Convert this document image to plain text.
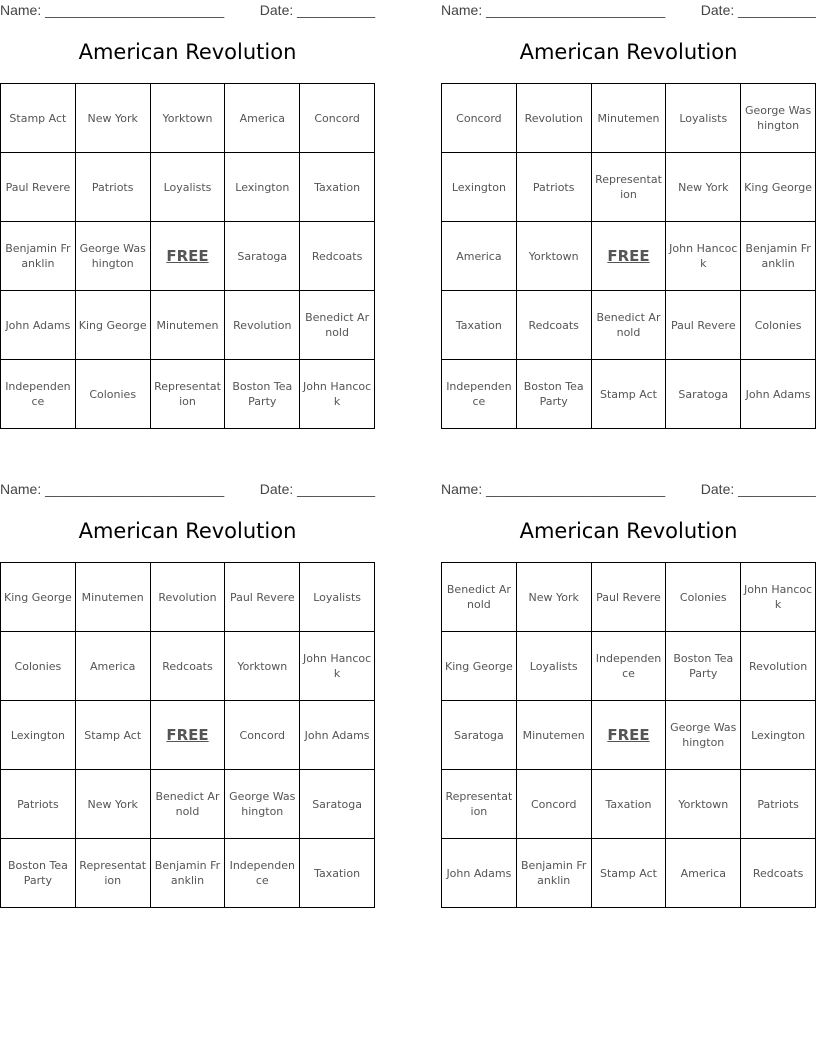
Name: _______________________	Date: __________
American Revolution
Stamp Act	New York	Yorktown	America	Concord
Paul Revere	Patriots	Loyalists	Lexington	Taxation
Benjamin Franklin	George Washington	FREE	Saratoga	Redcoats
John Adams	King George	Minutemen	Revolution	Benedict Arnold
Independence	Colonies	Representation	Boston Tea Party	John Hancock
Name: _______________________	Date: __________
American Revolution
Concord	Revolution	Minutemen	Loyalists	George Washington
Lexington	Patriots	Representation	New York	King George
America	Yorktown	FREE	John Hancock	Benjamin Franklin
Taxation	Redcoats	Benedict Arnold	Paul Revere	Colonies
Independence	Boston Tea Party	Stamp Act	Saratoga	John Adams
Name: _______________________	Date: __________
American Revolution
King George	Minutemen	Revolution	Paul Revere	Loyalists
Colonies	America	Redcoats	Yorktown	John Hancock
Lexington	Stamp Act	FREE	Concord	John Adams
Patriots	New York	Benedict Arnold	George Washington	Saratoga
Boston Tea Party	Representation	Benjamin Franklin	Independence	Taxation
Name: _______________________	Date: __________
American Revolution
Benedict Arnold	New York	Paul Revere	Colonies	John Hancock
King George	Loyalists	Independence	Boston Tea Party	Revolution
Saratoga	Minutemen	FREE	George Washington	Lexington
Representation	Concord	Taxation	Yorktown	Patriots
John Adams	Benjamin Franklin	Stamp Act	America	Redcoats
